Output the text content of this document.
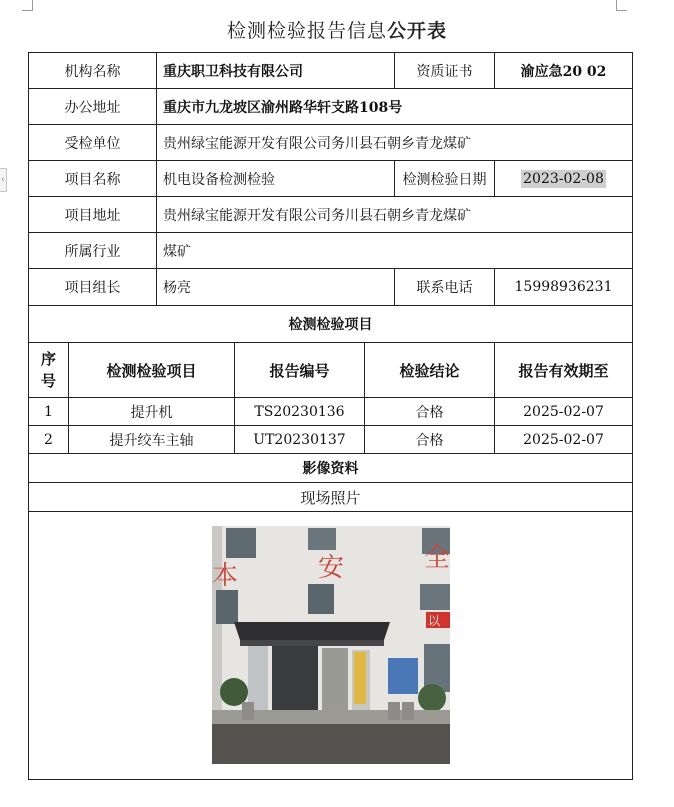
‹
检测检验报告信息公开表
机构名称		重庆职卫科技有限公司			资质证书	渝应急20 02
办公地址		重庆市九龙坡区渝州路华轩支路108号				
受检单位		贵州绿宝能源开发有限公司务川县石朝乡青龙煤矿				
项目名称		机电设备检测检验			检测检验日期	2023-02-08
项目地址		贵州绿宝能源开发有限公司务川县石朝乡青龙煤矿				
所属行业		煤矿				
项目组长		杨亮			联系电话	15998936231
检测检验项目						
序号	检测检验项目		报告编号	检验结论		报告有效期至
1	提升机		TS20230136	合格		2025-02-07
2	提升绞车主轴		UT20230137	合格		2025-02-07
影像资料						
现场照片						

本 安 全
以						
